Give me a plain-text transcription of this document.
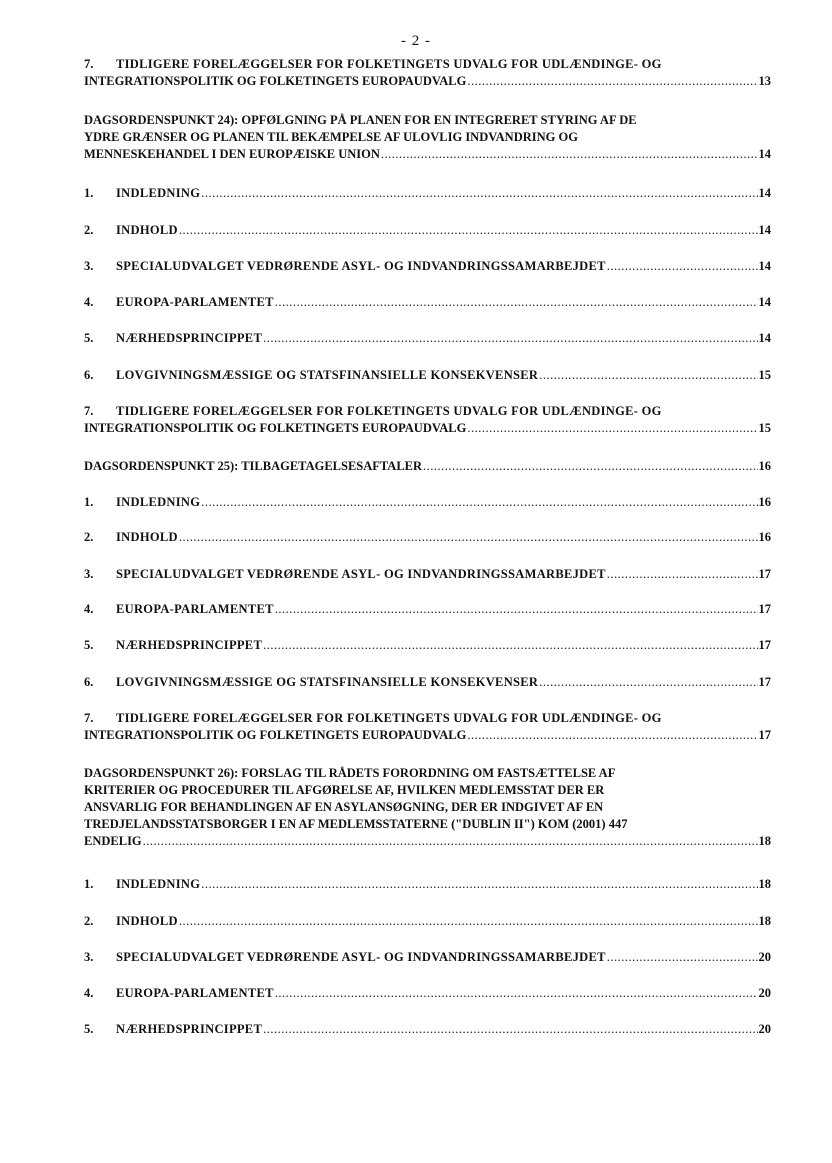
- 2 -
7.	TIDLIGERE FORELÆGGELSER FOR FOLKETINGETS UDVALG FOR UDLÆNDINGE- OG
INTEGRATIONSPOLITIK OG FOLKETINGETS EUROPAUDVALG .....	13
DAGSORDENSPUNKT 24): OPFØLGNING PÅ PLANEN FOR EN INTEGRERET STYRING AF DE
YDRE GRÆNSER OG PLANEN TIL BEKÆMPELSE AF ULOVLIG INDVANDRING OG
MENNESKEHANDEL I DEN EUROPÆISKE UNION .....	14
1.	INDLEDNING .....	14
2.	INDHOLD .....	14
3.	SPECIALUDVALGET VEDRØRENDE ASYL- OG INDVANDRINGSSAMARBEJDET .....	14
4.	EUROPA-PARLAMENTET .....	14
5.	NÆRHEDSPRINCIPPET .....	14
6.	LOVGIVNINGSMÆSSIGE OG STATSFINANSIELLE KONSEKVENSER .....	15
7.	TIDLIGERE FORELÆGGELSER FOR FOLKETINGETS UDVALG FOR UDLÆNDINGE- OG
INTEGRATIONSPOLITIK OG FOLKETINGETS EUROPAUDVALG .....	15
DAGSORDENSPUNKT 25): TILBAGETAGELSESAFTALER .....	16
1.	INDLEDNING .....	16
2.	INDHOLD .....	16
3.	SPECIALUDVALGET VEDRØRENDE ASYL- OG INDVANDRINGSSAMARBEJDET .....	17
4.	EUROPA-PARLAMENTET .....	17
5.	NÆRHEDSPRINCIPPET .....	17
6.	LOVGIVNINGSMÆSSIGE OG STATSFINANSIELLE KONSEKVENSER .....	17
7.	TIDLIGERE FORELÆGGELSER FOR FOLKETINGETS UDVALG FOR UDLÆNDINGE- OG
INTEGRATIONSPOLITIK OG FOLKETINGETS EUROPAUDVALG .....	17
DAGSORDENSPUNKT 26): FORSLAG TIL RÅDETS FORORDNING OM FASTSÆTTELSE AF
KRITERIER OG PROCEDURER TIL AFGØRELSE AF, HVILKEN MEDLEMSSTAT DER ER
ANSVARLIG FOR BEHANDLINGEN AF EN ASYLANSØGNING, DER ER INDGIVET AF EN
TREDJELANDSSTATSBORGER I EN AF MEDLEMSSTATERNE ("DUBLIN II") KOM (2001) 447
ENDELIG .....	18
1.	INDLEDNING .....	18
2.	INDHOLD .....	18
3.	SPECIALUDVALGET VEDRØRENDE ASYL- OG INDVANDRINGSSAMARBEJDET .....	20
4.	EUROPA-PARLAMENTET .....	20
5.	NÆRHEDSPRINCIPPET .....	20
